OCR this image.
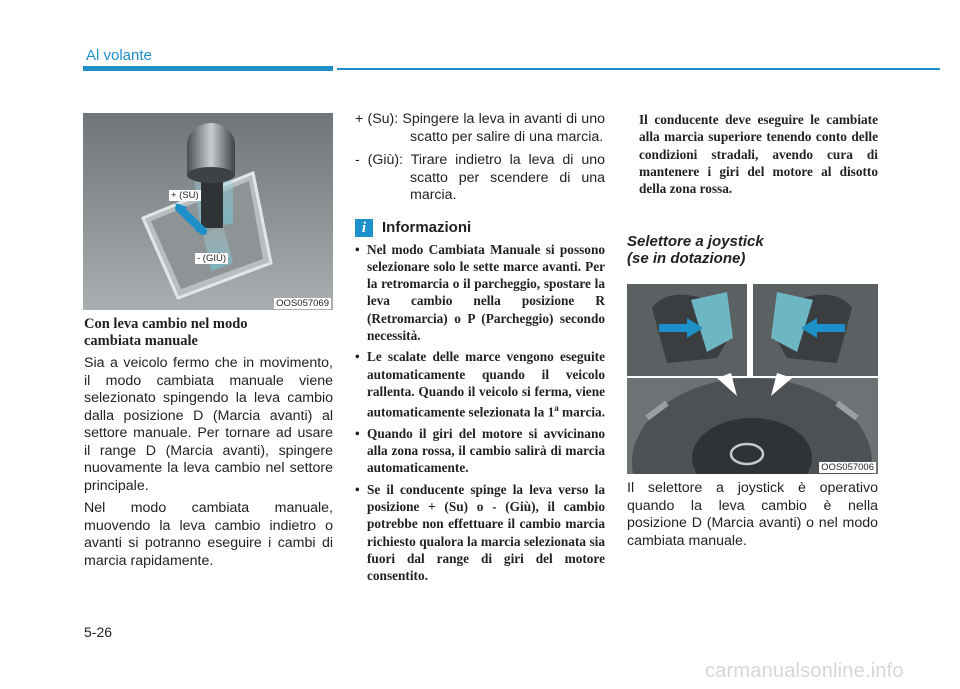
Al volante
+ (SU)
- (GIÙ)
OOS057069
Con leva cambio nel modo
cambiata manuale

Sia a veicolo fermo che in movimento, il modo cambiata manuale viene selezionato spingendo la leva cambio dalla posizione D (Marcia avanti) al settore manuale. Per tornare ad usare il range D (Marcia avanti), spingere nuovamente la leva cambio nel settore principale.

Nel modo cambiata manuale, muovendo la leva cambio indietro o avanti si potranno eseguire i cambi di marcia rapidamente.

+ (Su): Spingere la leva in avanti di uno scatto per salire di una marcia.
- (Giù): Tirare indietro la leva di uno scatto per scendere di una marcia.
i	Informazioni
• Nel modo Cambiata Manuale si possono selezionare solo le sette marce avanti. Per la retromarcia o il parcheggio, spostare la leva cambio nella posizione R (Retromarcia) o P (Parcheggio) secondo necessità.
• Le scalate delle marce vengono eseguite automaticamente quando il veicolo rallenta. Quando il veicolo si ferma, viene automaticamente selezionata la 1$^a$ marcia.
• Quando il giri del motore si avvicinano alla zona rossa, il cambio salirà di marcia automaticamente.
• Se il conducente spinge la leva verso la posizione + (Su) o - (Giù), il cambio potrebbe non effettuare il cambio marcia richiesto qualora la marcia selezionata sia fuori dal range di giri del motore consentito.
Il conducente deve eseguire le cambiate alla marcia superiore tenendo conto delle condizioni stradali, avendo cura di mantenere i giri del motore al disotto della zona rossa.
Selettore a joystick
(se in dotazione)
OOS057006
Il selettore a joystick è operativo quando la leva cambio è nella posizione D (Marcia avanti) o nel modo cambiata manuale.
5-26
carmanualsonline.info
